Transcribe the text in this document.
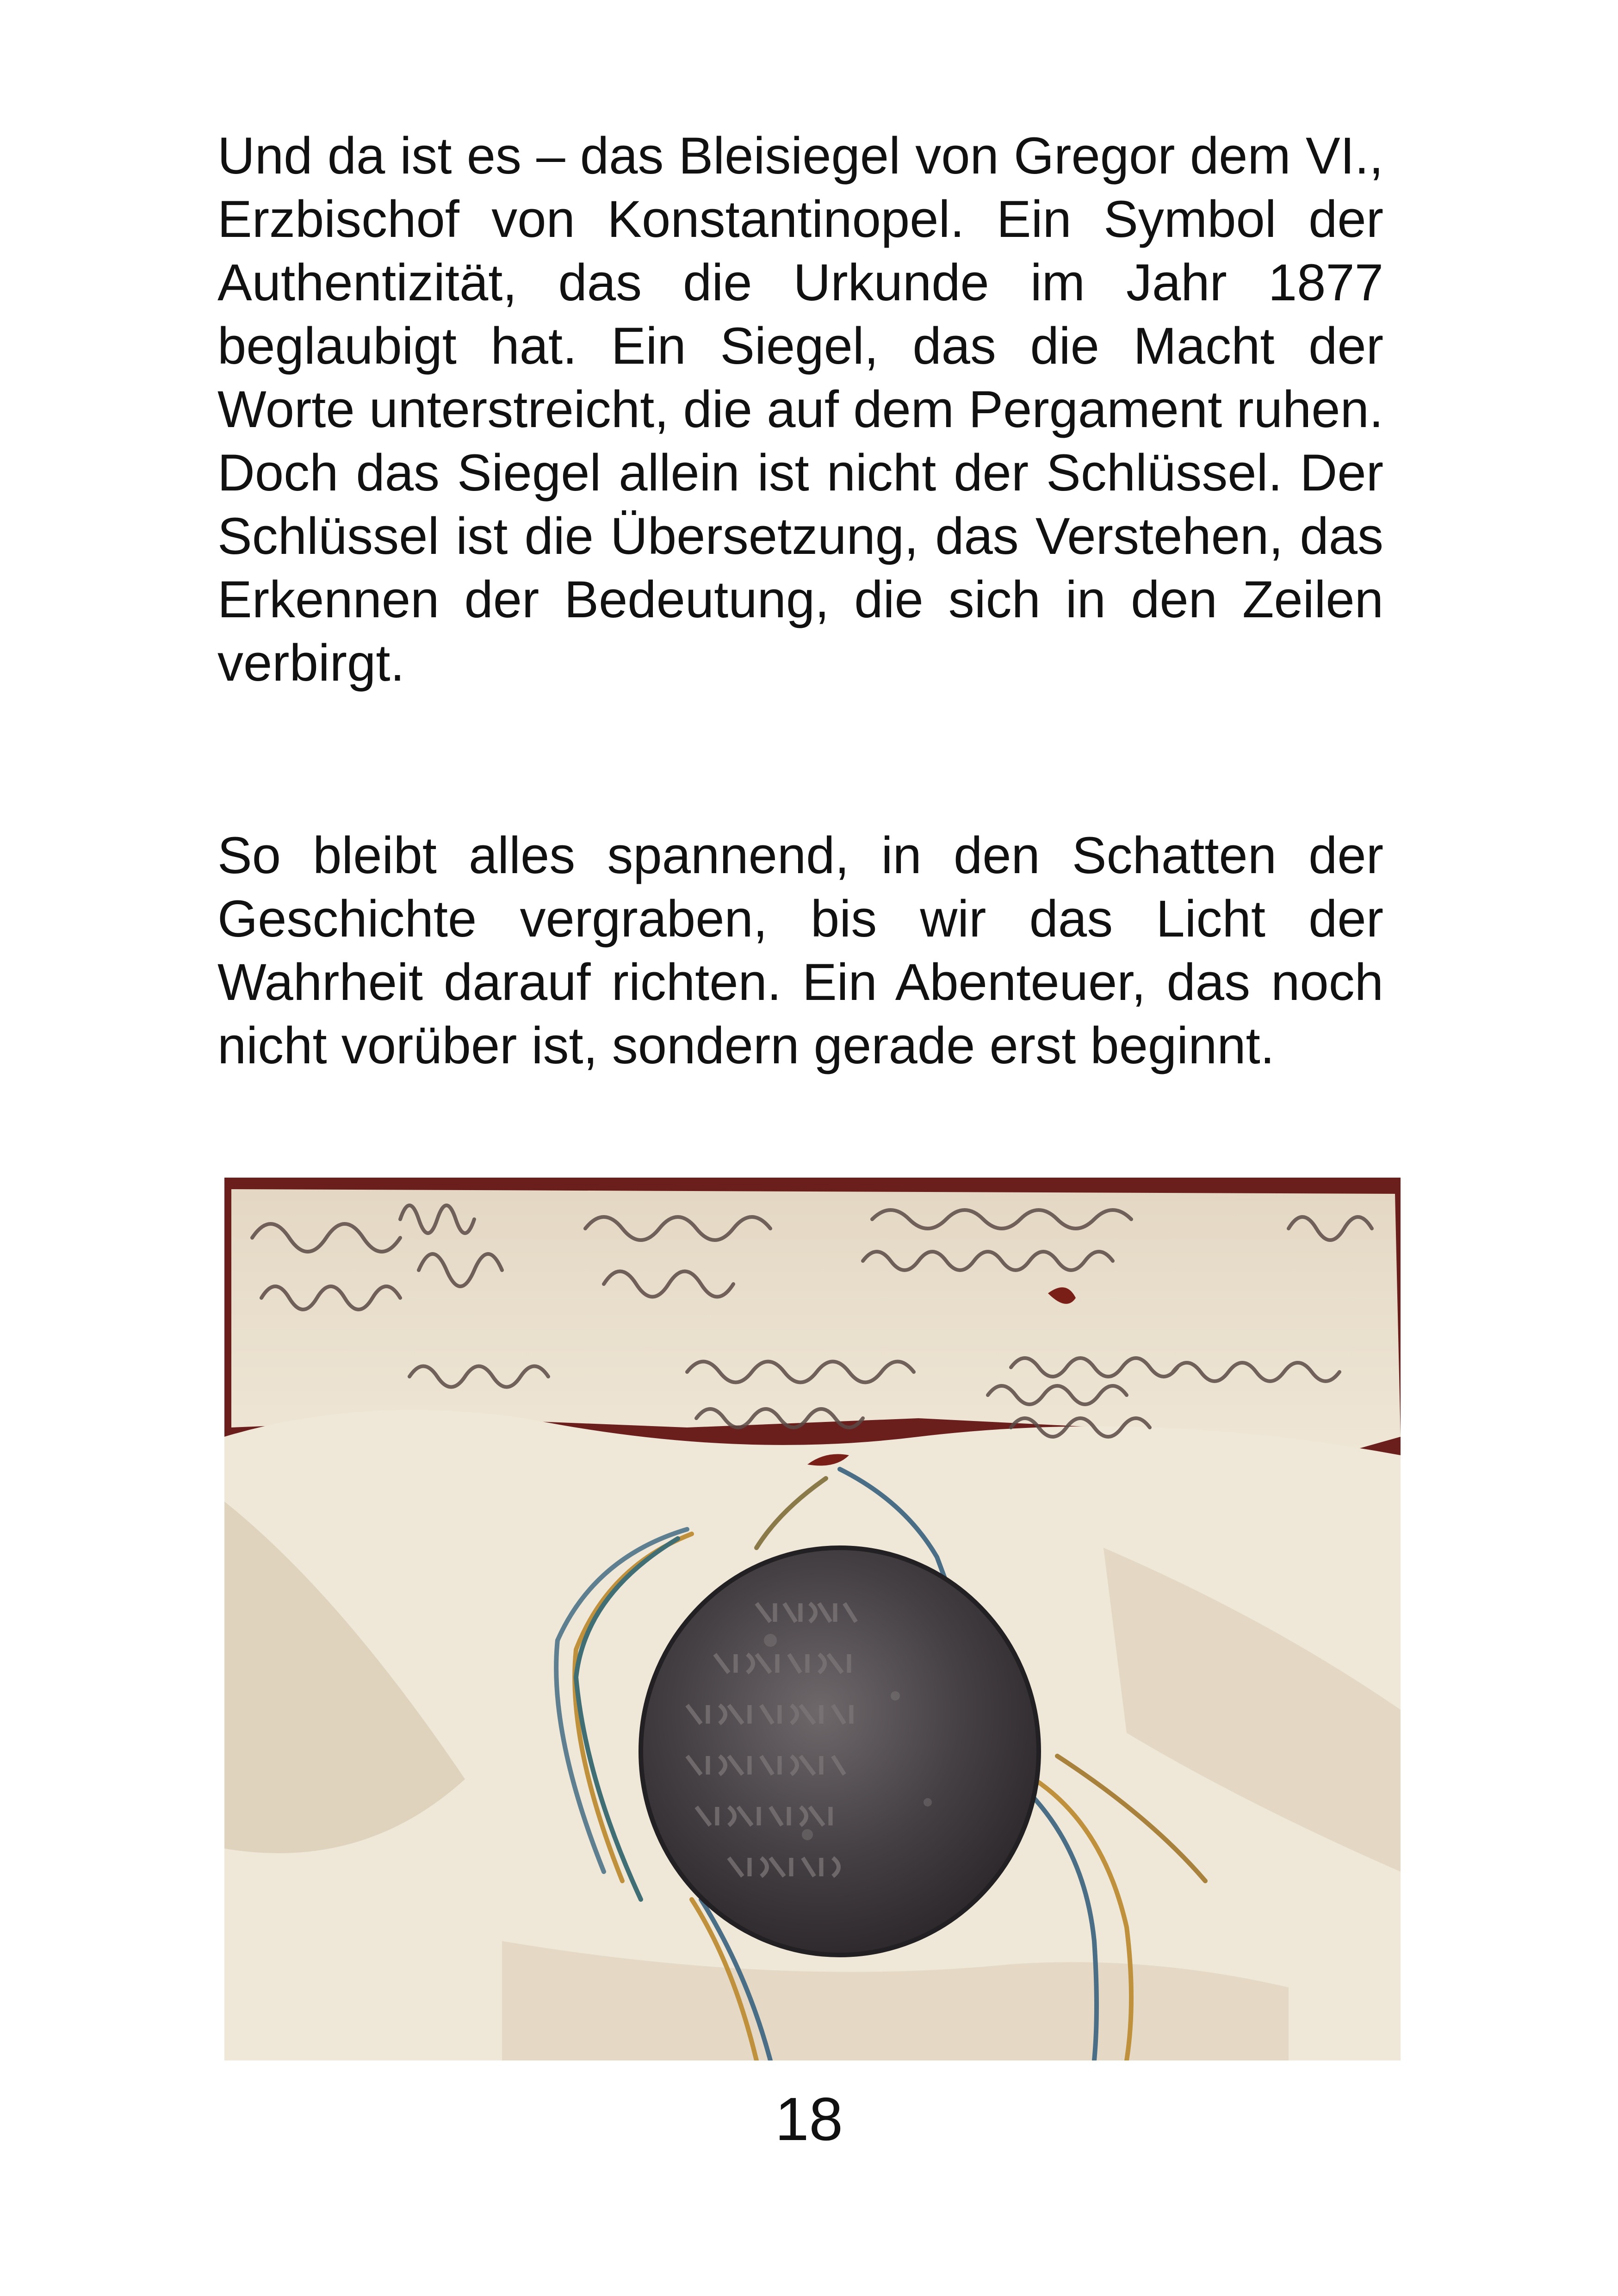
Und da ist es – das Bleisiegel von Gregor dem VI., Erzbischof von Konstantinopel. Ein Symbol der Authentizität, das die Urkunde im Jahr 1877 beglaubigt hat. Ein Siegel, das die Macht der Worte unterstreicht, die auf dem Pergament ruhen. Doch das Siegel allein ist nicht der Schlüssel. Der Schlüssel ist die Übersetzung, das Verstehen, das Erkennen der Bedeutung, die sich in den Zeilen verbirgt.

So bleibt alles spannend, in den Schatten der Geschichte vergraben, bis wir das Licht der Wahrheit darauf richten. Ein Abenteuer, das noch nicht vorüber ist, sondern gerade erst beginnt.

18
